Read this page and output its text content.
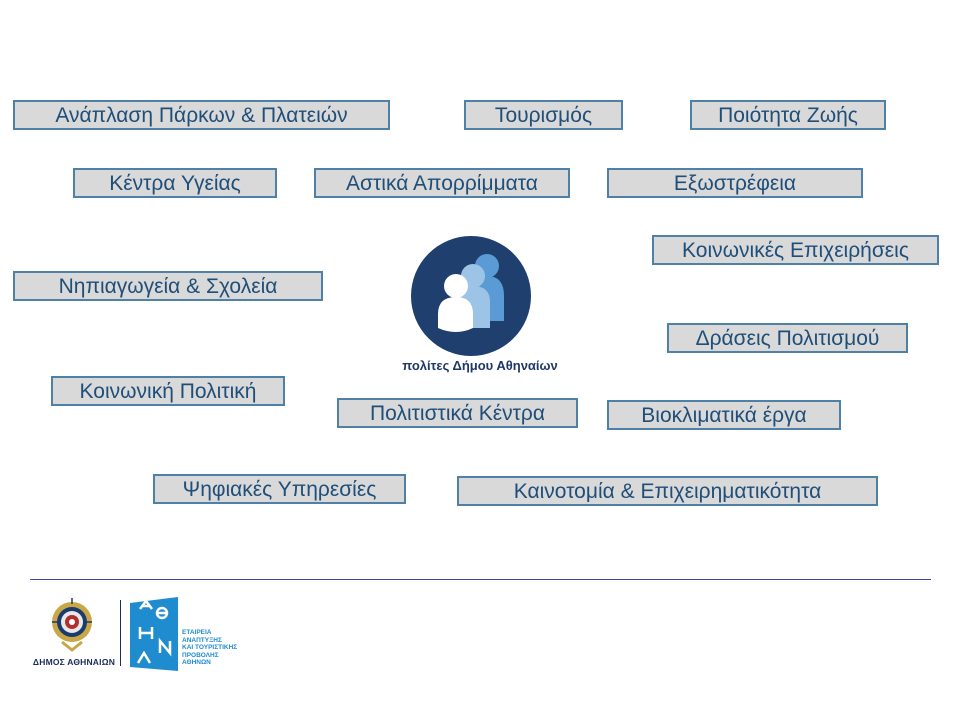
Ανάπλαση Πάρκων & Πλατειών	Τουρισμός	Ποιότητα Ζωής
Κέντρα Υγείας	Αστικά Απορρίμματα	Εξωστρέφεια
Κοινωνικές Επιχειρήσεις
Νηπιαγωγεία & Σχολεία
Δράσεις Πολιτισμού
Κοινωνική Πολιτική
Πολιτιστικά Κέντρα	Βιοκλιματικά έργα
Ψηφιακές Υπηρεσίες	Καινοτομία & Επιχειρηματικότητα
πολίτες Δήμου Αθηναίων
ΔΗΜΟΣ ΑΘΗΝΑΙΩΝ
ΕΤΑΙΡΕΙΑ
ΑΝΑΠΤΥΞΗΣ
ΚΑΙ ΤΟΥΡΙΣΤΙΚΗΣ
ΠΡΟΒΟΛΗΣ
ΑΘΗΝΩΝ
